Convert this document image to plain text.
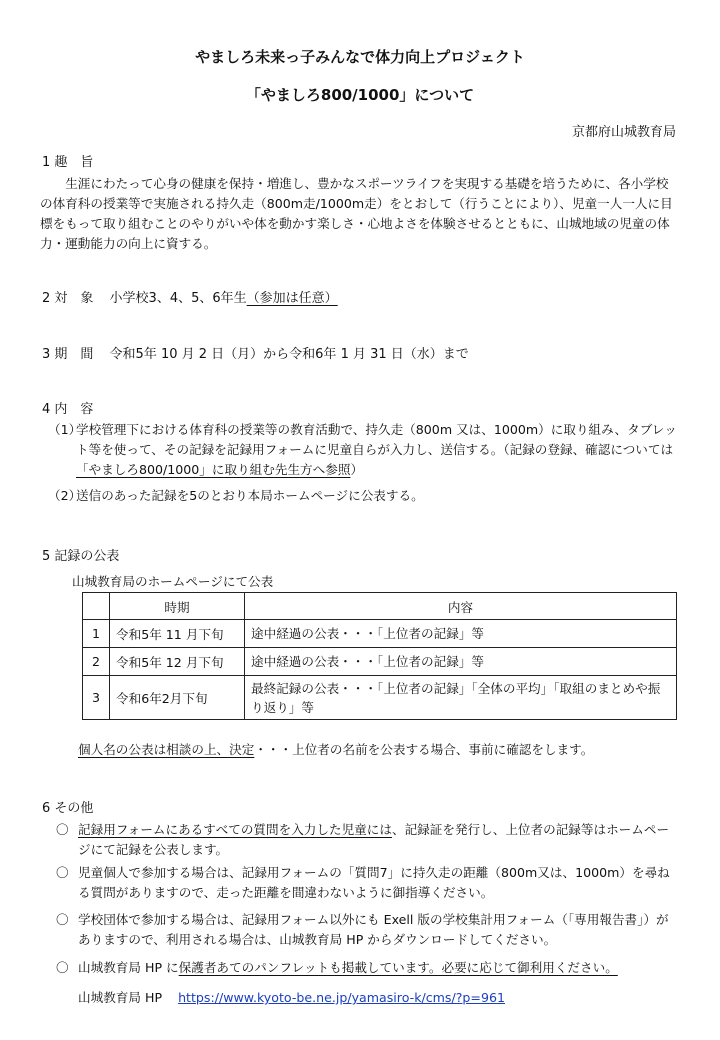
やましろ未来っ子みんなで体力向上プロジェクト
「やましろ800/1000」について
京都府山城教育局
1 趣　旨
生涯にわたって心身の健康を保持・増進し、豊かなスポーツライフを実現する基礎を培うために、各小学校の体育科の授業等で実施される持久走（800m走/1000m走）をとおして（行うことにより）、児童一人一人に目標をもって取り組むことのやりがいや体を動かす楽しさ・心地よさを体験させるとともに、山城地域の児童の体力・運動能力の向上に資する。
2 対　象 小学校3、4、5、6年生（参加は任意）
3 期　間 令和5年 10 月 2 日（月）から令和6年 1 月 31 日（水）まで
4 内　容
（1）
学校管理下における体育科の授業等の教育活動で、持久走（800m 又は、1000m）に取り組み、タブレット等を使って、その記録を記録用フォームに児童自らが入力し、送信する。（記録の登録、確認については「やましろ800/1000」に取り組む先生方へ参照）
（2）
送信のあった記録を5のとおり本局ホームページに公表する。
5 記録の公表
山城教育局のホームページにて公表
	時期	内容
1	令和5年 11 月下旬	途中経過の公表・・・「上位者の記録」等
2	令和5年 12 月下旬	途中経過の公表・・・「上位者の記録」等
3	令和6年2月下旬	最終記録の公表・・・「上位者の記録」「全体の平均」「取組のまとめや振り返り」等
個人名の公表は相談の上、決定・・・上位者の名前を公表する場合、事前に確認をします。
6 その他
〇 記録用フォームにあるすべての質問を入力した児童には、記録証を発行し、上位者の記録等はホームページにて記録を公表します。
〇 児童個人で参加する場合は、記録用フォームの「質問7」に持久走の距離（800m又は、1000m）を尋ねる質問がありますので、走った距離を間違わないように御指導ください。
〇 学校団体で参加する場合は、記録用フォーム以外にも Exell 版の学校集計用フォーム（「専用報告書」）がありますので、利用される場合は、山城教育局 HP からダウンロードしてください。
〇 山城教育局 HP に保護者あてのパンフレットも掲載しています。必要に応じて御利用ください。
山城教育局 HP https://www.kyoto-be.ne.jp/yamasiro-k/cms/?p=961
